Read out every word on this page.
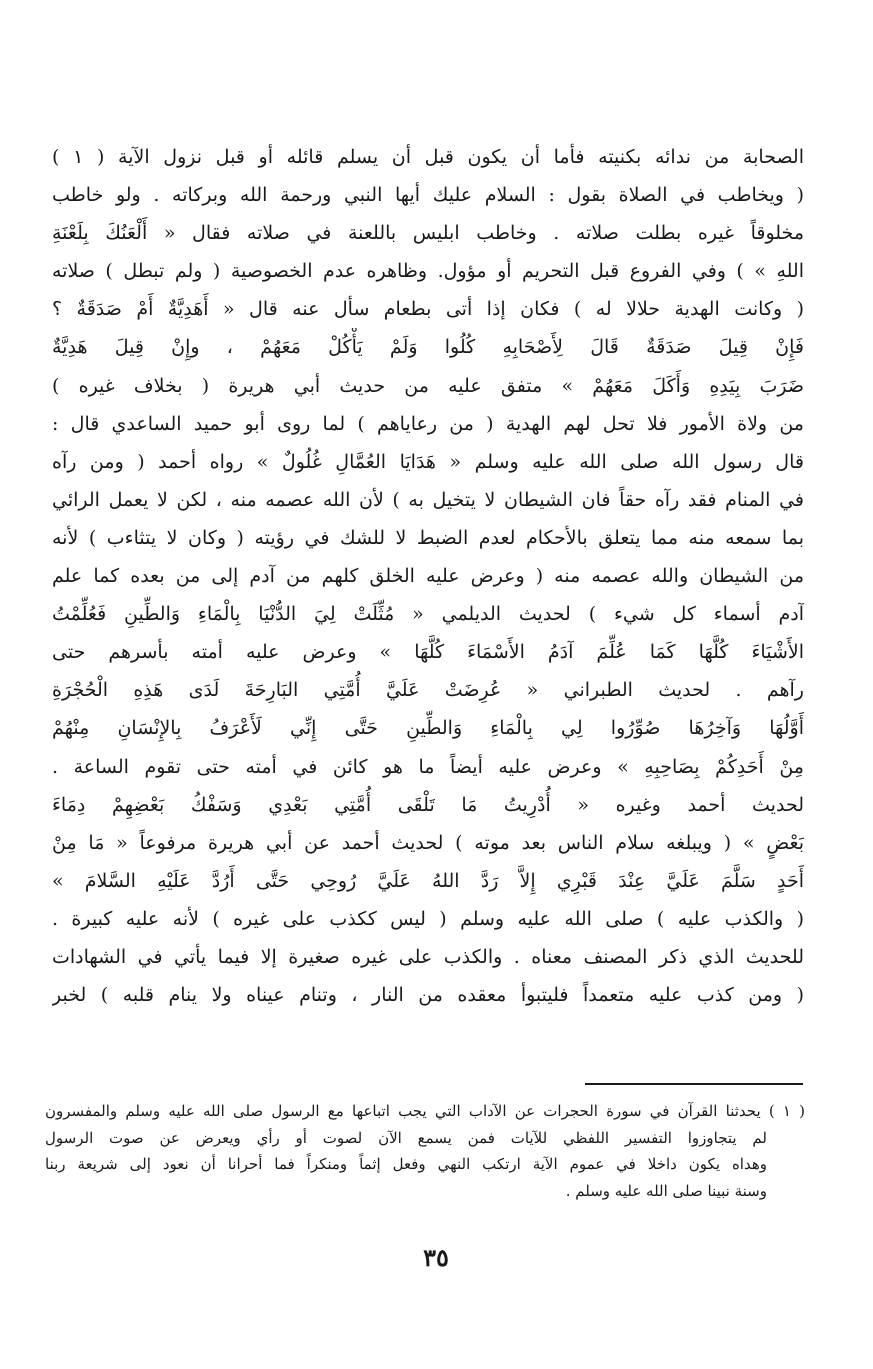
الصحابة من ندائه بكنيته فأما أن يكون قبل أن يسلم قائله أو قبل نزول الآية ( ١ )
( ويخاطب في الصلاة بقول : السلام عليك أيها النبي ورحمة الله وبركاته . ولو خاطب
مخلوقاً غيره بطلت صلاته . وخاطب ابليس باللعنة في صلاته فقال « أَلْعَنُكَ بِلَعْنَةِ
اللهِ » ) وفي الفروع قبل التحريم أو مؤول. وظاهره عدم الخصوصية ( ولم تبطل ) صلاته
( وكانت الهدية حلالا له ) فكان إذا أتى بطعام سأل عنه قال « أَهَدِيَّةٌ أَمْ صَدَقَةٌ ؟
فَإِنْ قِيلَ صَدَقَةٌ قَالَ لِأَصْحَابِهِ كُلُوا وَلَمْ يَأْكُلْ مَعَهُمْ ، وإِنْ قِيلَ هَدِيَّةٌ
ضَرَبَ بِيَدِهِ وَأَكَلَ مَعَهُمْ » متفق عليه من حديث أبي هريرة ( بخلاف غيره )
من ولاة الأمور فلا تحل لهم الهدية ( من رعاياهم ) لما روى أبو حميد الساعدي قال :
قال رسول الله صلى الله عليه وسلم « هَدَايَا العُمَّالِ غُلُولٌ » رواه أحمد ( ومن رآه
في المنام فقد رآه حقاً فان الشيطان لا يتخيل به ) لأن الله عصمه منه ، لكن لا يعمل الرائي
بما سمعه منه مما يتعلق بالأحكام لعدم الضبط لا للشك في رؤيته ( وكان لا يتثاءب ) لأنه
من الشيطان والله عصمه منه ( وعرض عليه الخلق كلهم من آدم إلى من بعده كما علم
آدم أسماء كل شيء ) لحديث الديلمي « مُثِّلَتْ لِيَ الدُّنْيَا بِالْمَاءِ وَالطِّينِ فَعُلِّمْتُ
الأَشْيَاءَ كُلَّهَا كَمَا عُلِّمَ آدَمُ الأَسْمَاءَ كُلَّهَا » وعرض عليه أمته بأسرهم حتى
رآهم . لحديث الطبراني « عُرِضَتْ عَلَيَّ أُمَّتِي البَارِحَةَ لَدَى هَذِهِ الْحُجْرَةِ
أَوَّلُهَا وَآخِرُهَا صُوِّرُوا لِي بِالْمَاءِ وَالطِّينِ حَتَّى إِنِّي لَأَعْرَفُ بِالإِنْسَانِ مِنْهُمْ
مِنْ أَحَدِكُمْ بِصَاحِبِهِ » وعرض عليه أيضاً ما هو كائن في أمته حتى تقوم الساعة .
لحديث أحمد وغيره « أُدْرِيتُ مَا تَلْقَى أُمَّتِي بَعْدِي وَسَفْكُ بَعْضِهِمْ دِمَاءَ
بَعْضٍ » ( ويبلغه سلام الناس بعد موته ) لحديث أحمد عن أبي هريرة مرفوعاً « مَا مِنْ
أَحَدٍ سَلَّمَ عَلَيَّ عِنْدَ قَبْرِي إِلاَّ رَدَّ اللهُ عَلَيَّ رُوحِي حَتَّى أَرُدَّ عَلَيْهِ السَّلامَ »
( والكذب عليه ) صلى الله عليه وسلم ( ليس ككذب على غيره ) لأنه عليه كبيرة .
للحديث الذي ذكر المصنف معناه . والكذب على غيره صغيرة إلا فيما يأتي في الشهادات
( ومن كذب عليه متعمداً فليتبوأ معقده من النار ، وتنام عيناه ولا ينام قلبه ) لخبر
( ١ ) يحدثنا القرآن في سورة الحجرات عن الآداب التي يجب اتباعها مع الرسول صلى الله عليه وسلم والمفسرون
لم يتجاوزوا التفسير اللفظي للآيات فمن يسمع الآن لصوت أو رأي ويعرض عن صوت الرسول
وهداه يكون داخلا في عموم الآية ارتكب النهي وفعل إثماً ومنكراً فما أحرانا أن نعود إلى شريعة ربنا
وسنة نبينا صلى الله عليه وسلم .
٣٥
